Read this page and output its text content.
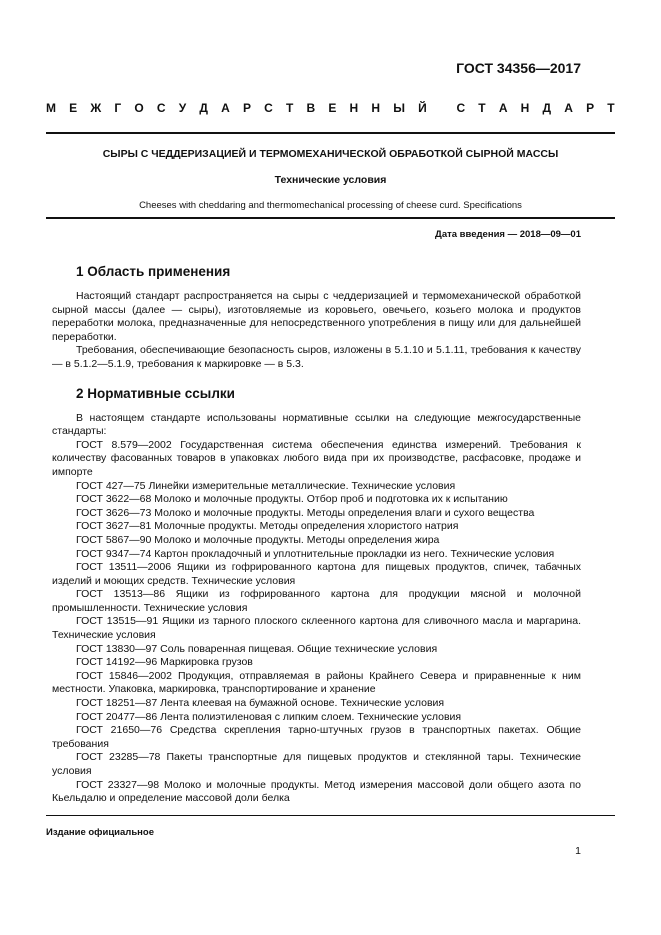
ГОСТ 34356—2017
М Е Ж Г О С У Д А Р С Т В Е Н Н Ы Й
С Т А Н Д А Р Т
СЫРЫ С ЧЕДДЕРИЗАЦИЕЙ И ТЕРМОМЕХАНИЧЕСКОЙ ОБРАБОТКОЙ СЫРНОЙ МАССЫ
Технические условия
Cheeses with cheddaring and thermomechanical processing of cheese curd. Specifications
Дата введения — 2018—09—01
1 Область применения

Настоящий стандарт распространяется на сыры с чеддеризацией и термомеханической обработкой сырной массы (далее — сыры), изготовляемые из коровьего, овечьего, козьего молока и продуктов переработки молока, предназначенные для непосредственного употребления в пищу или для дальнейшей переработки.

Требования, обеспечивающие безопасность сыров, изложены в 5.1.10 и 5.1.11, требования к качеству — в 5.1.2—5.1.9, требования к маркировке — в 5.3.

2 Нормативные ссылки

В настоящем стандарте использованы нормативные ссылки на следующие межгосударственные стандарты:

ГОСТ 8.579—2002 Государственная система обеспечения единства измерений. Требования к количеству фасованных товаров в упаковках любого вида при их производстве, расфасовке, продаже и импорте

ГОСТ 427—75 Линейки измерительные металлические. Технические условия

ГОСТ 3622—68 Молоко и молочные продукты. Отбор проб и подготовка их к испытанию

ГОСТ 3626—73 Молоко и молочные продукты. Методы определения влаги и сухого вещества

ГОСТ 3627—81 Молочные продукты. Методы определения хлористого натрия

ГОСТ 5867—90 Молоко и молочные продукты. Методы определения жира

ГОСТ 9347—74 Картон прокладочный и уплотнительные прокладки из него. Технические условия

ГОСТ 13511—2006 Ящики из гофрированного картона для пищевых продуктов, спичек, табачных изделий и моющих средств. Технические условия

ГОСТ 13513—86 Ящики из гофрированного картона для продукции мясной и молочной промышленности. Технические условия

ГОСТ 13515—91 Ящики из тарного плоского склеенного картона для сливочного масла и маргарина. Технические условия

ГОСТ 13830—97 Соль поваренная пищевая. Общие технические условия

ГОСТ 14192—96 Маркировка грузов

ГОСТ 15846—2002 Продукция, отправляемая в районы Крайнего Севера и приравненные к ним местности. Упаковка, маркировка, транспортирование и хранение

ГОСТ 18251—87 Лента клеевая на бумажной основе. Технические условия

ГОСТ 20477—86 Лента полиэтиленовая с липким слоем. Технические условия

ГОСТ 21650—76 Средства скрепления тарно-штучных грузов в транспортных пакетах. Общие требования

ГОСТ 23285—78 Пакеты транспортные для пищевых продуктов и стеклянной тары. Технические условия

ГОСТ 23327—98 Молоко и молочные продукты. Метод измерения массовой доли общего азота по Кьельдалю и определение массовой доли белка

Издание официальное
1
